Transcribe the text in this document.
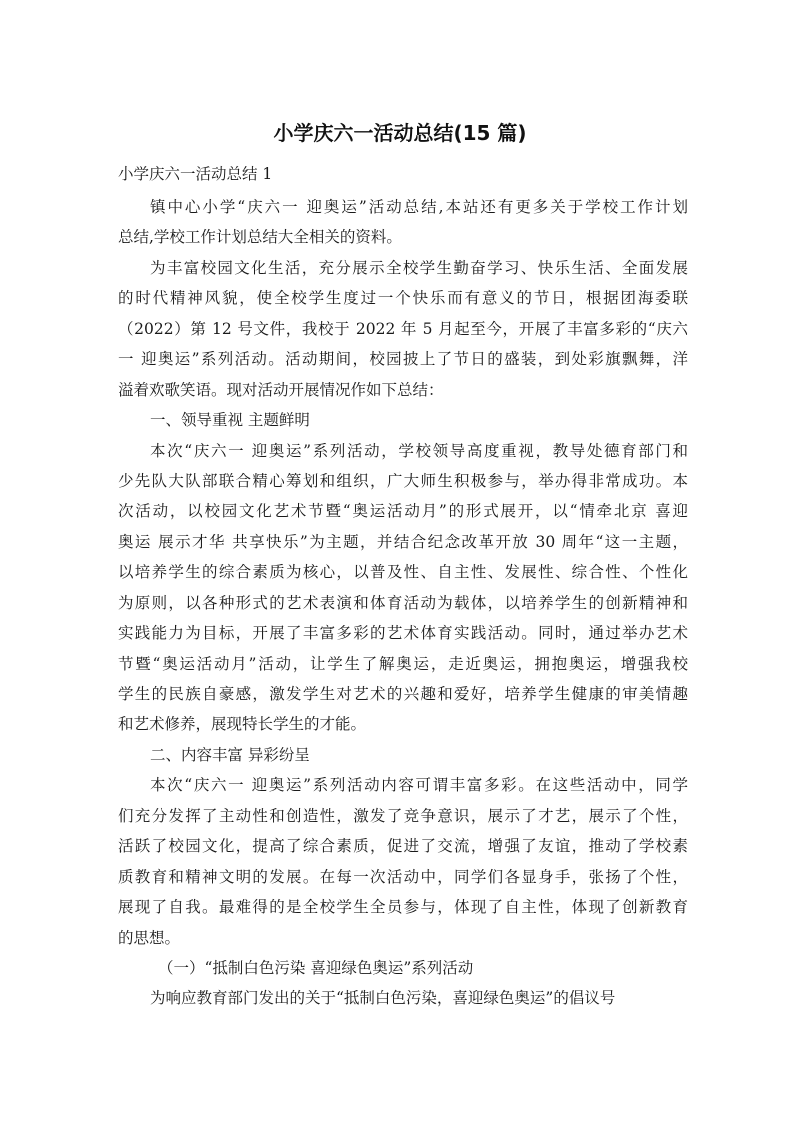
小学庆六一活动总结(15 篇)
小学庆六一活动总结 1
镇中心小学“庆六一 迎奥运”活动总结,本站还有更多关于学校工作计划
总结,学校工作计划总结大全相关的资料。
为丰富校园文化生活，充分展示全校学生勤奋学习、快乐生活、全面发展
的时代精神风貌，使全校学生度过一个快乐而有意义的节日，根据团海委联
（2022）第 12 号文件，我校于 2022 年 5 月起至今，开展了丰富多彩的“庆六
一 迎奥运”系列活动。活动期间，校园披上了节日的盛装，到处彩旗飘舞，洋
溢着欢歌笑语。现对活动开展情况作如下总结：
一、领导重视 主题鲜明
本次“庆六一 迎奥运”系列活动，学校领导高度重视，教导处德育部门和
少先队大队部联合精心筹划和组织，广大师生积极参与，举办得非常成功。本
次活动，以校园文化艺术节暨“奥运活动月”的形式展开，以“情牵北京 喜迎
奥运 展示才华 共享快乐”为主题，并结合纪念改革开放 30 周年“这一主题，
以培养学生的综合素质为核心，以普及性、自主性、发展性、综合性、个性化
为原则，以各种形式的艺术表演和体育活动为载体，以培养学生的创新精神和
实践能力为目标，开展了丰富多彩的艺术体育实践活动。同时，通过举办艺术
节暨“奥运活动月”活动，让学生了解奥运，走近奥运，拥抱奥运，增强我校
学生的民族自豪感，激发学生对艺术的兴趣和爱好，培养学生健康的审美情趣
和艺术修养，展现特长学生的才能。
二、内容丰富 异彩纷呈
本次“庆六一 迎奥运”系列活动内容可谓丰富多彩。在这些活动中，同学
们充分发挥了主动性和创造性，激发了竞争意识，展示了才艺，展示了个性，
活跃了校园文化，提高了综合素质，促进了交流，增强了友谊，推动了学校素
质教育和精神文明的发展。在每一次活动中，同学们各显身手，张扬了个性，
展现了自我。最难得的是全校学生全员参与，体现了自主性，体现了创新教育
的思想。
（一）“抵制白色污染 喜迎绿色奥运”系列活动
为响应教育部门发出的关于“抵制白色污染，喜迎绿色奥运”的倡议号
